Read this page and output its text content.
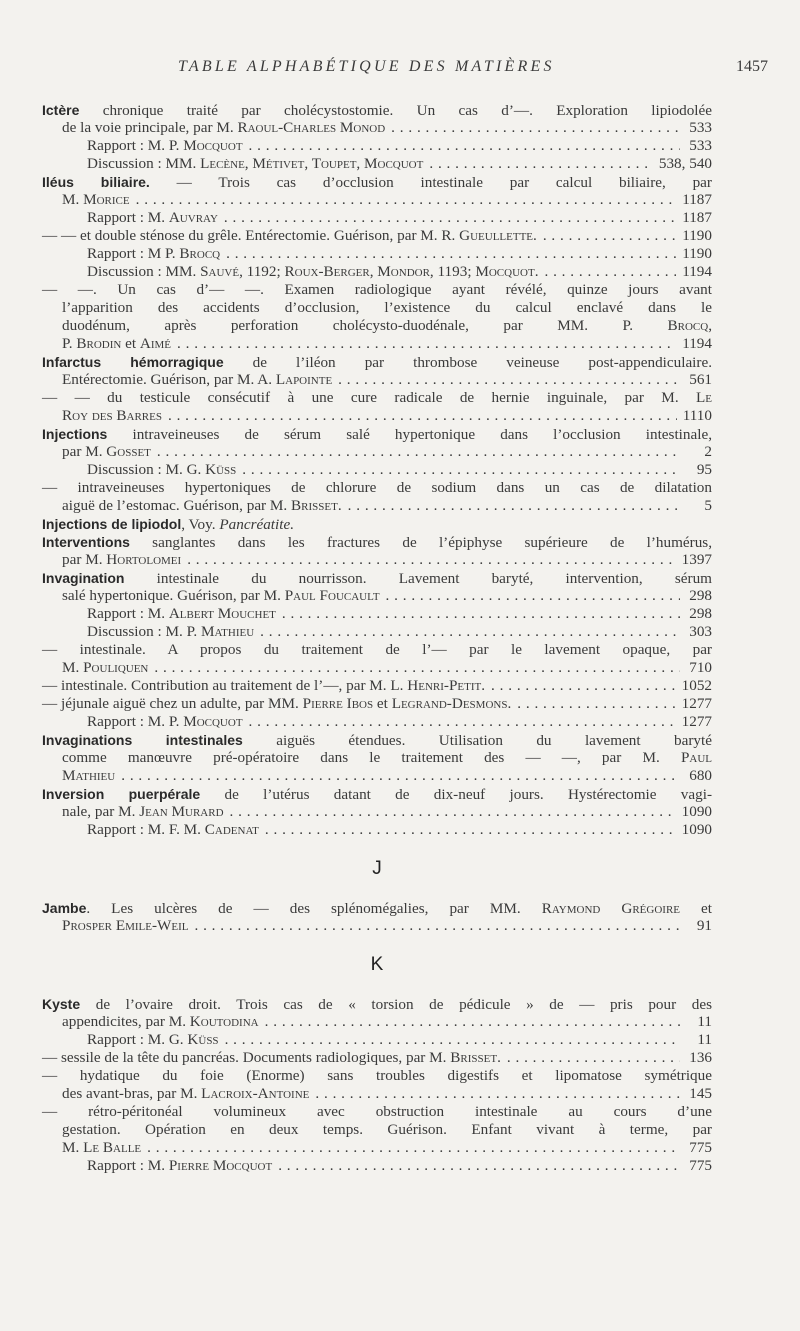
TABLE ALPHABÉTIQUE DES MATIÈRES	1457
Ictère chronique traité par cholécystostomie. Un cas d’—. Exploration lipiodolée
de la voie principale, par M. Raoul-Charles Monod . . .	533
Rapport : M. P. Mocquot . . .	533
Discussion : MM. Lecène, Métivet, Toupet, Mocquot . . .	538, 540
Iléus biliaire. — Trois cas d’occlusion intestinale par calcul biliaire, par
M. Morice . . .	1187
Rapport : M. Auvray . . .	1187
— — et double sténose du grêle. Entérectomie. Guérison, par M. R. Gueullette. . . .	1190
Rapport : M P. Brocq . . .	1190
Discussion : MM. Sauvé, 1192; Roux-Berger, Mondor, 1193; Mocquot. . . .	1194
— —. Un cas d’— —. Examen radiologique ayant révélé, quinze jours avant
l’apparition des accidents d’occlusion, l’existence du calcul enclavé dans le
duodénum, après perforation cholécysto-duodénale, par MM. P. Brocq,
P. Brodin et Aimé . . .	1194
Infarctus hémorragique de l’iléon par thrombose veineuse post-appendiculaire.
Entérectomie. Guérison, par M. A. Lapointe . . .	561
— — du testicule consécutif à une cure radicale de hernie inguinale, par M. Le
Roy des Barres . . .	1110
Injections intraveineuses de sérum salé hypertonique dans l’occlusion intestinale,
par M. Gosset . . .	2
Discussion : M. G. Küss . . .	95
— intraveineuses hypertoniques de chlorure de sodium dans un cas de dilatation
aiguë de l’estomac. Guérison, par M. Brisset. . . .	5
Injections de lipiodol, Voy. Pancréatite.
Interventions sanglantes dans les fractures de l’épiphyse supérieure de l’humérus,
par M. Hortolomei . . .	1397
Invagination intestinale du nourrisson. Lavement baryté, intervention, sérum
salé hypertonique. Guérison, par M. Paul Foucault . . .	298
Rapport : M. Albert Mouchet . . .	298
Discussion : M. P. Mathieu . . .	303
— intestinale. A propos du traitement de l’— par le lavement opaque, par
M. Pouliquen . . .	710
— intestinale. Contribution au traitement de l’—, par M. L. Henri-Petit. . . .	1052
— jéjunale aiguë chez un adulte, par MM. Pierre Ibos et Legrand-Desmons. . . .	1277
Rapport : M. P. Mocquot . . .	1277
Invaginations intestinales aiguës étendues. Utilisation du lavement baryté
comme manœuvre pré-opératoire dans le traitement des — —, par M. Paul
Mathieu . . .	680
Inversion puerpérale de l’utérus datant de dix-neuf jours. Hystérectomie vagi-
nale, par M. Jean Murard . . .	1090
Rapport : M. F. M. Cadenat . . .	1090
J
Jambe. Les ulcères de — des splénomégalies, par MM. Raymond Grégoire et
Prosper Emile-Weil . . .	91
K
Kyste de l’ovaire droit. Trois cas de « torsion de pédicule » de — pris pour des
appendicites, par M. Koutodina . . .	11
Rapport : M. G. Küss . . .	11
— sessile de la tête du pancréas. Documents radiologiques, par M. Brisset. . . .	136
— hydatique du foie (Enorme) sans troubles digestifs et lipomatose symétrique
des avant-bras, par M. Lacroix-Antoine . . .	145
— rétro-péritonéal volumineux avec obstruction intestinale au cours d’une
gestation. Opération en deux temps. Guérison. Enfant vivant à terme, par
M. Le Balle . . .	775
Rapport : M. Pierre Mocquot . . .	775
